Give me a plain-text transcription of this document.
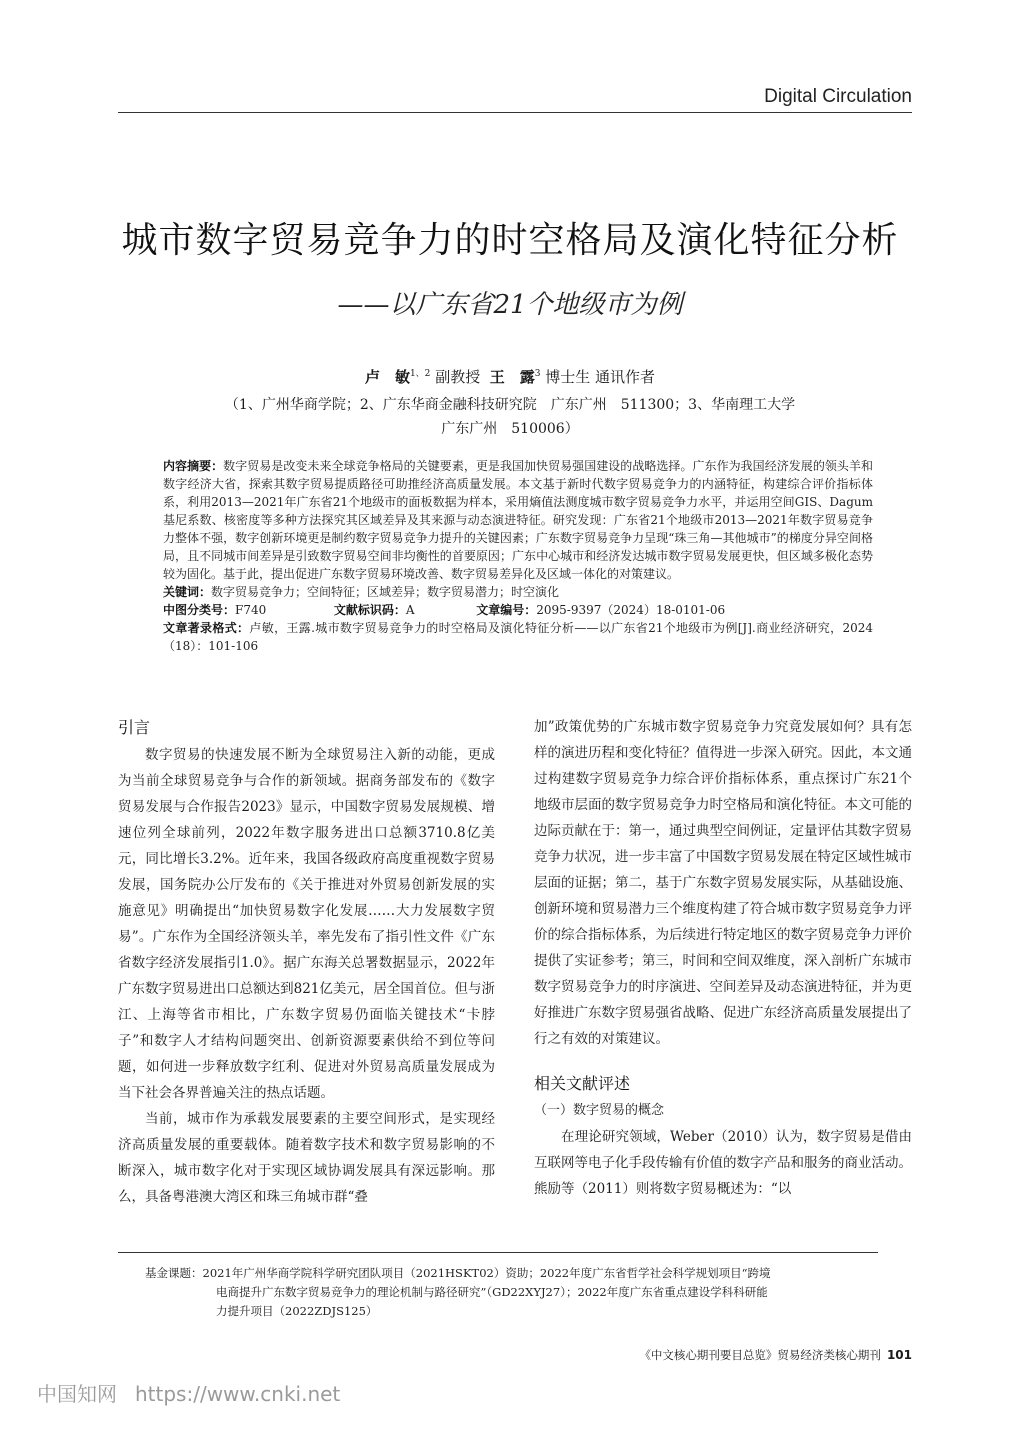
Digital Circulation
城市数字贸易竞争力的时空格局及演化特征分析
——以广东省21个地级市为例
卢　敏$^{1、2}$ 副教授 王　露$^3$ 博士生 通讯作者
（1、广州华商学院；2、广东华商金融科技研究院　广东广州　511300；3、华南理工大学
广东广州　510006）
内容摘要：数字贸易是改变未来全球竞争格局的关键要素，更是我国加快贸易强国建设的战略选择。广东作为我国经济发展的领头羊和数字经济大省，探索其数字贸易提质路径可助推经济高质量发展。本文基于新时代数字贸易竞争力的内涵特征，构建综合评价指标体系，利用2013—2021年广东省21个地级市的面板数据为样本，采用熵值法测度城市数字贸易竞争力水平，并运用空间GIS、Dagum基尼系数、核密度等多种方法探究其区域差异及其来源与动态演进特征。研究发现：广东省21个地级市2013—2021年数字贸易竞争力整体不强，数字创新环境更是制约数字贸易竞争力提升的关键因素；广东数字贸易竞争力呈现“珠三角—其他城市”的梯度分异空间格局，且不同城市间差异是引致数字贸易空间非均衡性的首要原因；广东中心城市和经济发达城市数字贸易发展更快，但区域多极化态势较为固化。基于此，提出促进广东数字贸易环境改善、数字贸易差异化及区域一体化的对策建议。
关键词：数字贸易竞争力；空间特征；区域差异；数字贸易潜力；时空演化
中图分类号：F740	文献标识码：A	文章编号：2095-9397（2024）18-0101-06
文章著录格式：卢敏，王露.城市数字贸易竞争力的时空格局及演化特征分析——以广东省21个地级市为例[J].商业经济研究，2024（18）：101-106
引言

数字贸易的快速发展不断为全球贸易注入新的动能，更成为当前全球贸易竞争与合作的新领域。据商务部发布的《数字贸易发展与合作报告2023》显示，中国数字贸易发展规模、增速位列全球前列，2022年数字服务进出口总额3710.8亿美元，同比增长3.2%。近年来，我国各级政府高度重视数字贸易发展，国务院办公厅发布的《关于推进对外贸易创新发展的实施意见》明确提出“加快贸易数字化发展……大力发展数字贸易”。广东作为全国经济领头羊，率先发布了指引性文件《广东省数字经济发展指引1.0》。据广东海关总署数据显示，2022年广东数字贸易进出口总额达到821亿美元，居全国首位。但与浙江、上海等省市相比，广东数字贸易仍面临关键技术“卡脖子”和数字人才结构问题突出、创新资源要素供给不到位等问题，如何进一步释放数字红利、促进对外贸易高质量发展成为当下社会各界普遍关注的热点话题。

当前，城市作为承载发展要素的主要空间形式，是实现经济高质量发展的重要载体。随着数字技术和数字贸易影响的不断深入，城市数字化对于实现区域协调发展具有深远影响。那么，具备粤港澳大湾区和珠三角城市群“叠

加”政策优势的广东城市数字贸易竞争力究竟发展如何？具有怎样的演进历程和变化特征？值得进一步深入研究。因此，本文通过构建数字贸易竞争力综合评价指标体系，重点探讨广东21个地级市层面的数字贸易竞争力时空格局和演化特征。本文可能的边际贡献在于：第一，通过典型空间例证，定量评估其数字贸易竞争力状况，进一步丰富了中国数字贸易发展在特定区域性城市层面的证据；第二，基于广东数字贸易发展实际，从基础设施、创新环境和贸易潜力三个维度构建了符合城市数字贸易竞争力评价的综合指标体系，为后续进行特定地区的数字贸易竞争力评价提供了实证参考；第三，时间和空间双维度，深入剖析广东城市数字贸易竞争力的时序演进、空间差异及动态演进特征，并为更好推进广东数字贸易强省战略、促进广东经济高质量发展提出了行之有效的对策建议。

相关文献评述
（一）数字贸易的概念

在理论研究领域，Weber（2010）认为，数字贸易是借由互联网等电子化手段传输有价值的数字产品和服务的商业活动。熊励等（2011）则将数字贸易概述为：“以

基金课题：2021年广州华商学院科学研究团队项目（2021HSKT02）资助；2022年度广东省哲学社会科学规划项目“跨境
电商提升广东数字贸易竞争力的理论机制与路径研究”（GD22XYJ27）；2022年度广东省重点建设学科科研能
力提升项目（2022ZDJS125）
《中文核心期刊要目总览》贸易经济类核心期刊 101
中国知网 https://www.cnki.net
